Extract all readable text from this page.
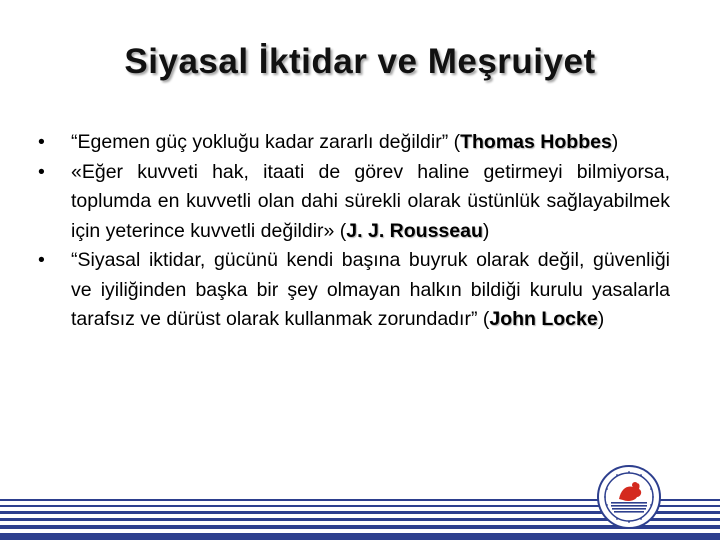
Siyasal İktidar ve Meşruiyet
• “Egemen güç yokluğu kadar zararlı değildir” (Thomas Hobbes)
• «Eğer kuvveti hak, itaati de görev haline getirmeyi bilmiyorsa, toplumda en kuvvetli olan dahi sürekli olarak üstünlük sağlayabilmek için yeterince kuvvetli değildir» (J. J. Rousseau)
• “Siyasal iktidar, gücünü kendi başına buyruk olarak değil, güvenliği ve iyiliğinden başka bir şey olmayan halkın bildiği kurulu yasalarla tarafsız ve dürüst olarak kullanmak zorundadır” (John Locke)
